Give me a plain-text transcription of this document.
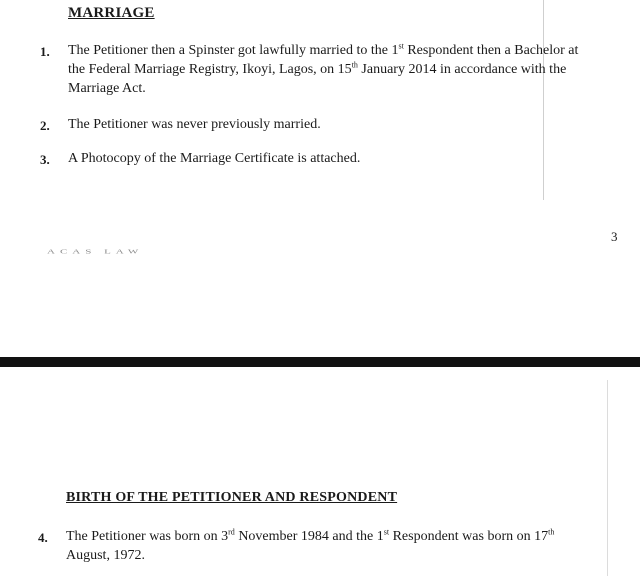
MARRIAGE
1. The Petitioner then a Spinster got lawfully married to the 1st Respondent then a Bachelor at
the Federal Marriage Registry, Ikoyi, Lagos, on 15th January 2014 in accordance with the
Marriage Act.
2. The Petitioner was never previously married.
3. A Photocopy of the Marriage Certificate is attached.
3
ACAS LAW
BIRTH OF THE PETITIONER AND RESPONDENT
4. The Petitioner was born on 3rd November 1984 and the 1st Respondent was born on 17th
August, 1972.
